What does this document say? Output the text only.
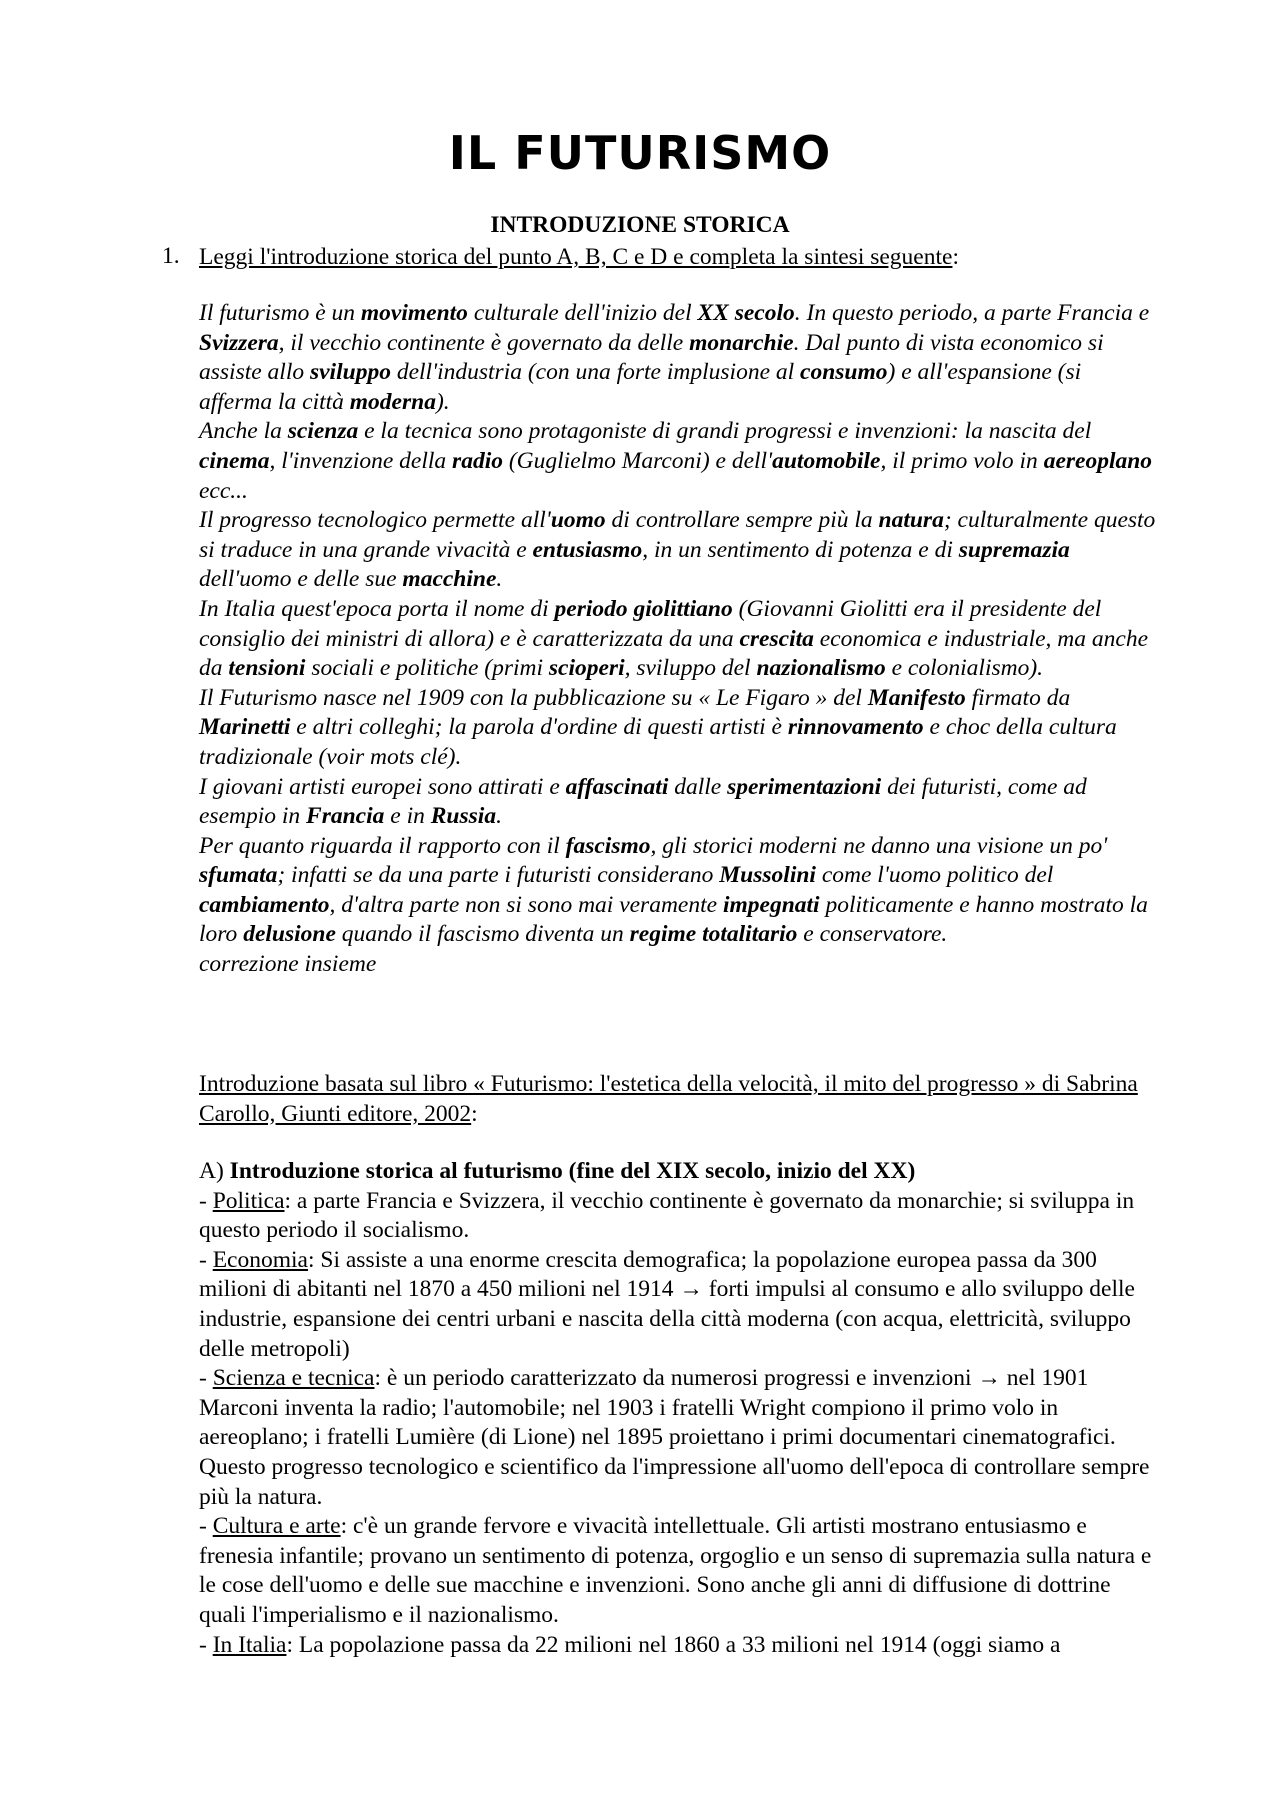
IL FUTURISMO
INTRODUZIONE STORICA
1. Leggi l'introduzione storica del punto A, B, C e D e completa la sintesi seguente:

Il futurismo è un movimento culturale dell'inizio del XX secolo. In questo periodo, a parte Francia e Svizzera, il vecchio continente è governato da delle monarchie. Dal punto di vista economico si assiste allo sviluppo dell'industria (con una forte implusione al consumo) e all'espansione (si afferma la città moderna).

Anche la scienza e la tecnica sono protagoniste di grandi progressi e invenzioni: la nascita del cinema, l'invenzione della radio (Guglielmo Marconi) e dell'automobile, il primo volo in aereoplano ecc...

Il progresso tecnologico permette all'uomo di controllare sempre più la natura; culturalmente questo si traduce in una grande vivacità e entusiasmo, in un sentimento di potenza e di supremazia dell'uomo e delle sue macchine.

In Italia quest'epoca porta il nome di periodo giolittiano (Giovanni Giolitti era il presidente del consiglio dei ministri di allora) e è caratterizzata da una crescita economica e industriale, ma anche da tensioni sociali e politiche (primi scioperi, sviluppo del nazionalismo e colonialismo).

Il Futurismo nasce nel 1909 con la pubblicazione su « Le Figaro » del Manifesto firmato da Marinetti e altri colleghi; la parola d'ordine di questi artisti è rinnovamento e choc della cultura tradizionale (voir mots clé).

I giovani artisti europei sono attirati e affascinati dalle sperimentazioni dei futuristi, come ad esempio in Francia e in Russia.

Per quanto riguarda il rapporto con il fascismo, gli storici moderni ne danno una visione un po' sfumata; infatti se da una parte i futuristi considerano Mussolini come l'uomo politico del cambiamento, d'altra parte non si sono mai veramente impegnati politicamente e hanno mostrato la loro delusione quando il fascismo diventa un regime totalitario e conservatore.

correzione insieme

Introduzione basata sul libro « Futurismo: l'estetica della velocità, il mito del progresso » di Sabrina Carollo, Giunti editore, 2002:

A) Introduzione storica al futurismo (fine del XIX secolo, inizio del XX)

- Politica: a parte Francia e Svizzera, il vecchio continente è governato da monarchie; si sviluppa in questo periodo il socialismo.

- Economia: Si assiste a una enorme crescita demografica; la popolazione europea passa da 300 milioni di abitanti nel 1870 a 450 milioni nel 1914 → forti impulsi al consumo e allo sviluppo delle industrie, espansione dei centri urbani e nascita della città moderna (con acqua, elettricità, sviluppo delle metropoli)

- Scienza e tecnica: è un periodo caratterizzato da numerosi progressi e invenzioni → nel 1901 Marconi inventa la radio; l'automobile; nel 1903 i fratelli Wright compiono il primo volo in aereoplano; i fratelli Lumière (di Lione) nel 1895 proiettano i primi documentari cinematografici. Questo progresso tecnologico e scientifico da l'impressione all'uomo dell'epoca di controllare sempre più la natura.

- Cultura e arte: c'è un grande fervore e vivacità intellettuale. Gli artisti mostrano entusiasmo e frenesia infantile; provano un sentimento di potenza, orgoglio e un senso di supremazia sulla natura e le cose dell'uomo e delle sue macchine e invenzioni. Sono anche gli anni di diffusione di dottrine quali l'imperialismo e il nazionalismo.

- In Italia: La popolazione passa da 22 milioni nel 1860 a 33 milioni nel 1914 (oggi siamo a
